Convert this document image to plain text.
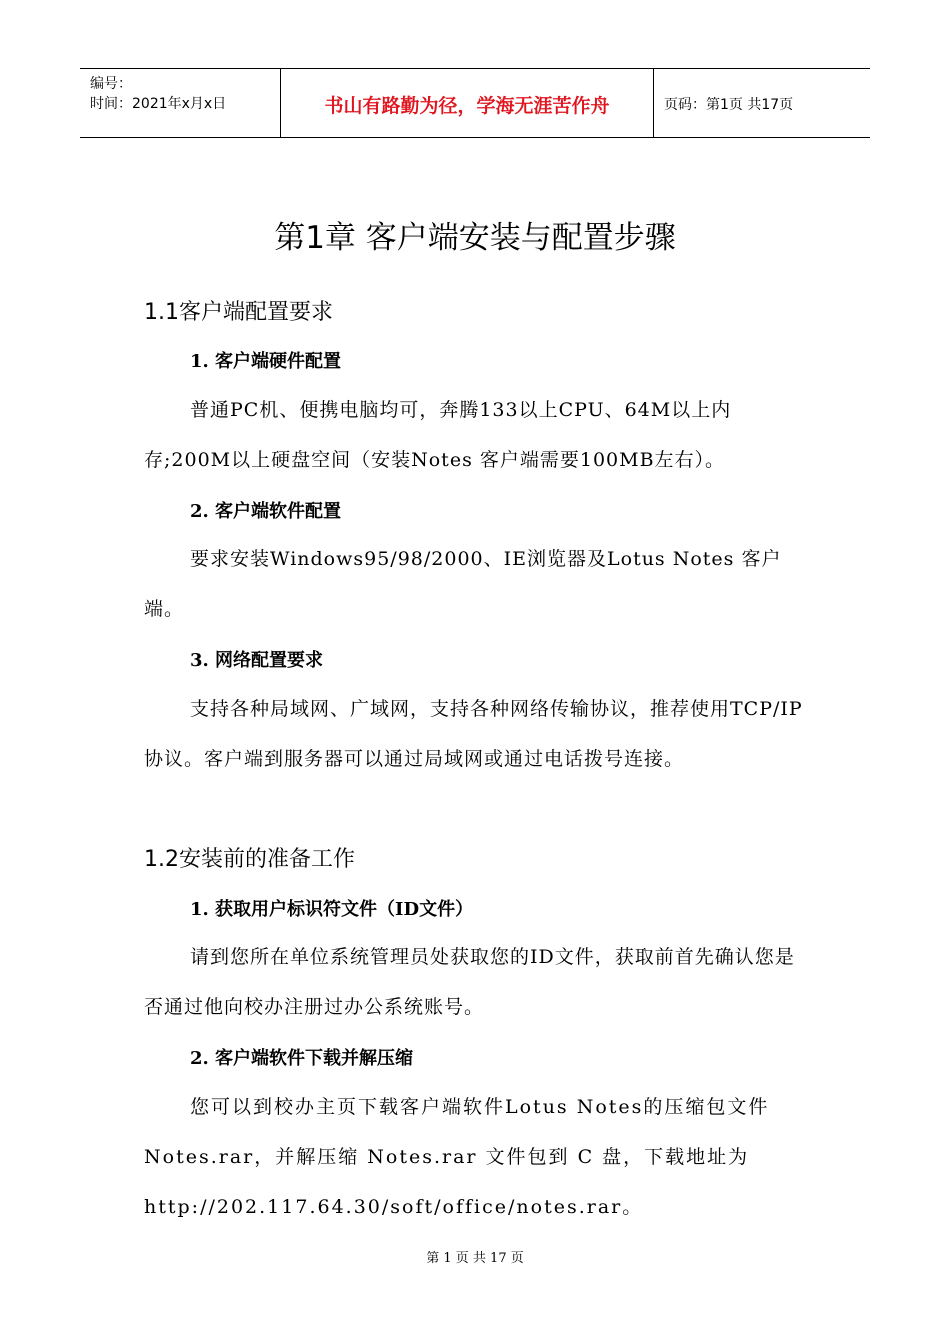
编号：
时间：2021年x月x日	书山有路勤为径，学海无涯苦作舟	页码：第1页 共17页
第1章 客户端安装与配置步骤
1.1客户端配置要求
1. 客户端硬件配置

普通PC机、便携电脑均可，奔腾133以上CPU、64M以上内存;200M以上硬盘空间（安装Notes 客户端需要100MB左右）。

2. 客户端软件配置

要求安装Windows95/98/2000、IE浏览器及Lotus Notes 客户端。

3. 网络配置要求

支持各种局域网、广域网，支持各种网络传输协议，推荐使用TCP/IP协议。客户端到服务器可以通过局域网或通过电话拨号连接。

1.2安装前的准备工作
1. 获取用户标识符文件（ID文件）

请到您所在单位系统管理员处获取您的ID文件，获取前首先确认您是否通过他向校办注册过办公系统账号。

2. 客户端软件下载并解压缩

您可以到校办主页下载客户端软件Lotus Notes的压缩包文件Notes.rar，并解压缩 Notes.rar 文件包到 C 盘，下载地址为http://202.117.64.30/soft/office/notes.rar。

第 1 页 共 17 页
